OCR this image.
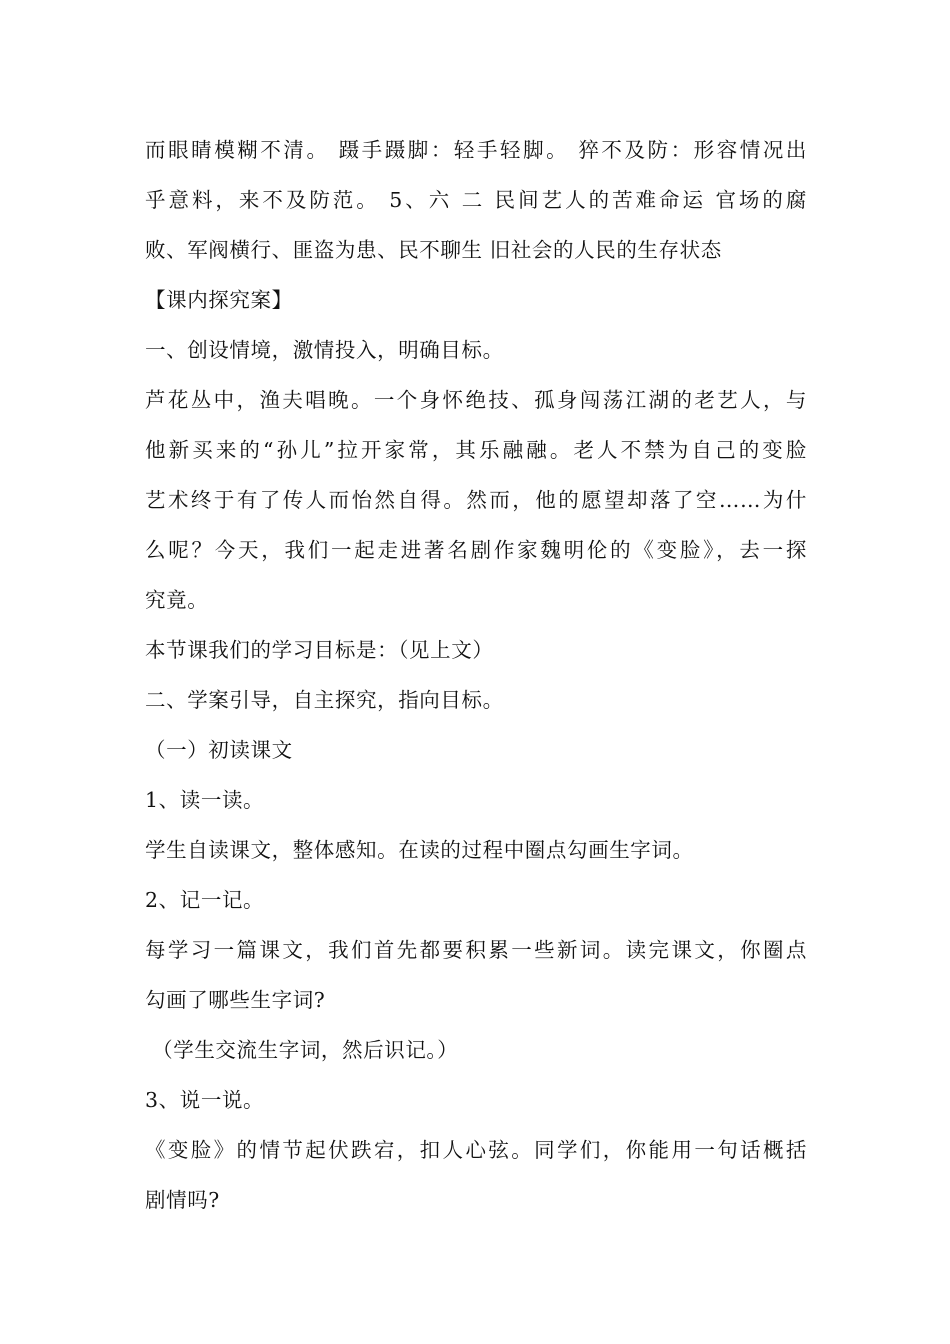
而眼睛模糊不清。 蹑手蹑脚：轻手轻脚。 猝不及防：形容情况出
乎意料，来不及防范。 5、六 二 民间艺人的苦难命运 官场的腐
败、军阀横行、匪盗为患、民不聊生 旧社会的人民的生存状态
【课内探究案】
一、创设情境，激情投入，明确目标。
芦花丛中，渔夫唱晚。一个身怀绝技、孤身闯荡江湖的老艺人，与
他新买来的“孙儿”拉开家常，其乐融融。老人不禁为自己的变脸
艺术终于有了传人而怡然自得。然而，他的愿望却落了空……为什
么呢？今天，我们一起走进著名剧作家魏明伦的《变脸》，去一探
究竟。
本节课我们的学习目标是：（见上文）
二、学案引导，自主探究，指向目标。
（一）初读课文
1、读一读。
学生自读课文，整体感知。在读的过程中圈点勾画生字词。
2、记一记。
每学习一篇课文，我们首先都要积累一些新词。读完课文，你圈点
勾画了哪些生字词?
（学生交流生字词，然后识记。）
3、说一说。
《变脸》的情节起伏跌宕，扣人心弦。同学们，你能用一句话概括
剧情吗?
